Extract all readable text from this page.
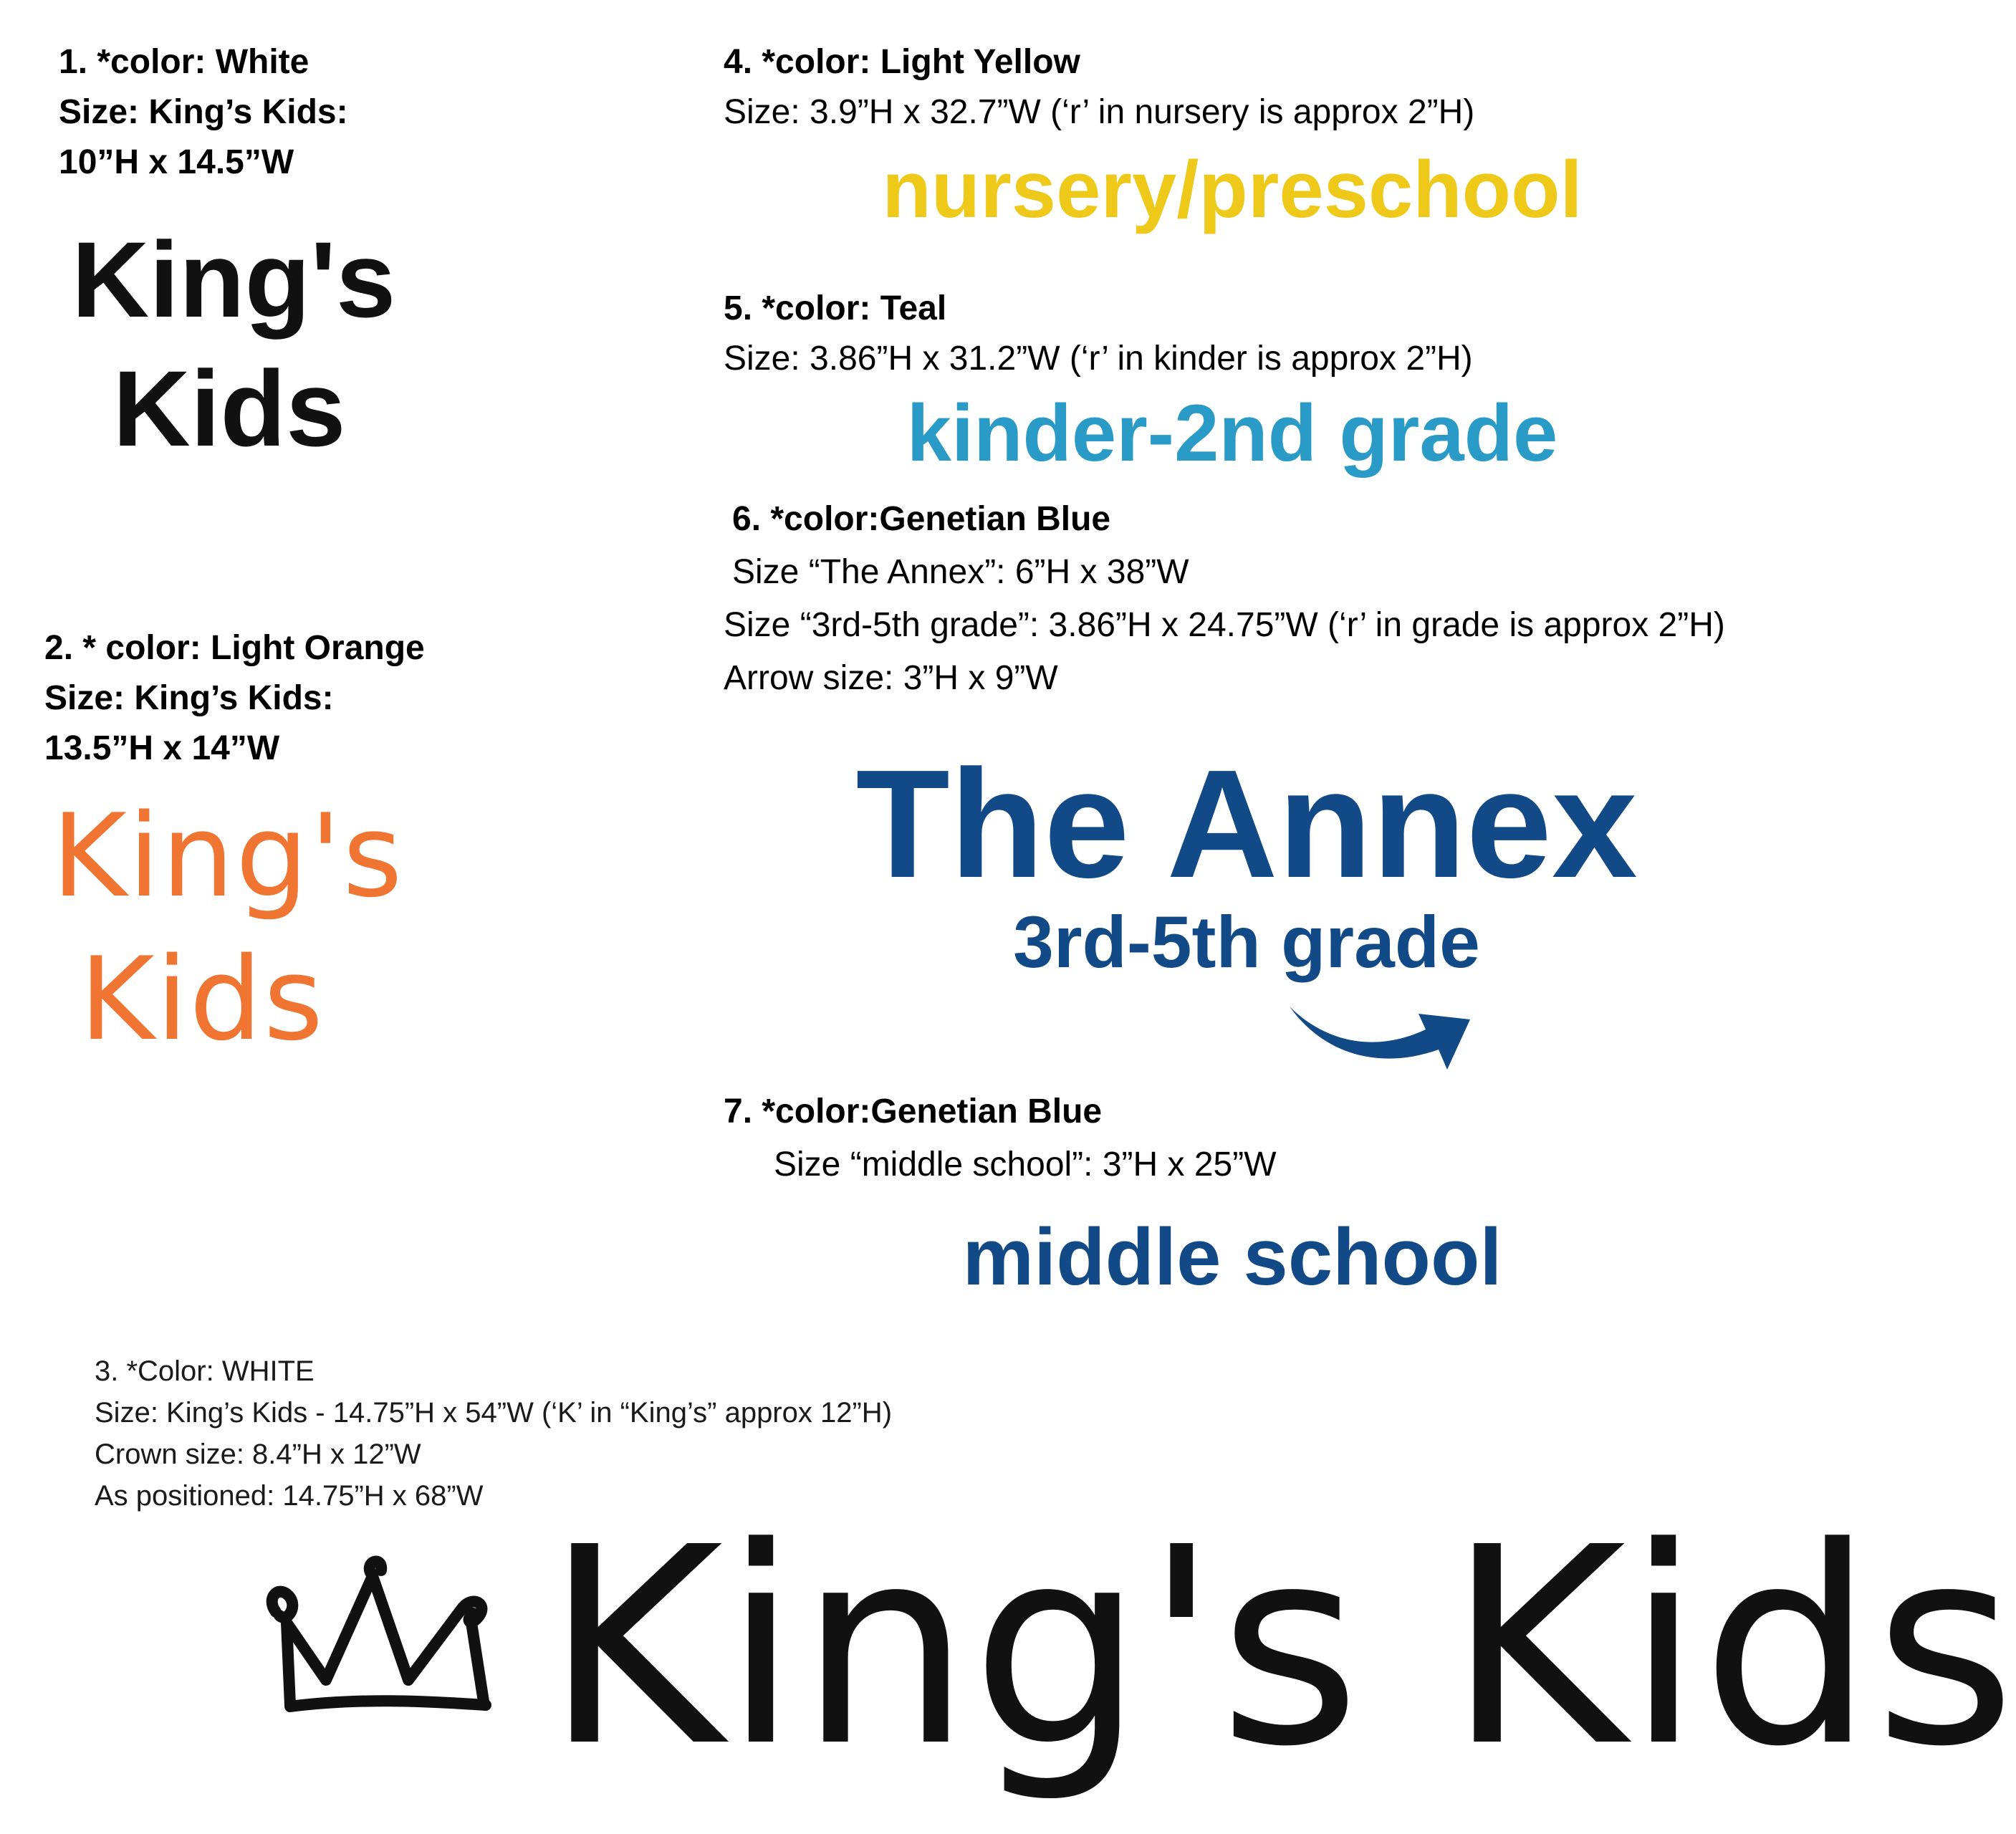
1. *color: White
Size: King’s Kids:
10”H x 14.5”W
King's
Kids
2. * color: Light Orange
Size: King’s Kids:
13.5”H x 14”W
King's
Kids
4. *color: Light Yellow
Size: 3.9”H x 32.7”W (‘r’ in nursery is approx 2”H)
nursery/preschool
5. *color: Teal
Size: 3.86”H x 31.2”W (‘r’ in kinder is approx 2”H)
kinder-2nd grade
6. *color:Genetian Blue
Size “The Annex”: 6”H x 38”W
Size “3rd-5th grade”: 3.86”H x 24.75”W (‘r’ in grade is approx 2”H)
Arrow size: 3”H x 9”W
The Annex
3rd-5th grade
7. *color:Genetian Blue
Size “middle school”: 3”H x 25”W
middle school
3. *Color: WHITE
Size: King’s Kids - 14.75”H x 54”W (‘K’ in “King’s” approx 12”H)
Crown size: 8.4”H x 12”W
As positioned: 14.75”H x 68”W King's Kids
